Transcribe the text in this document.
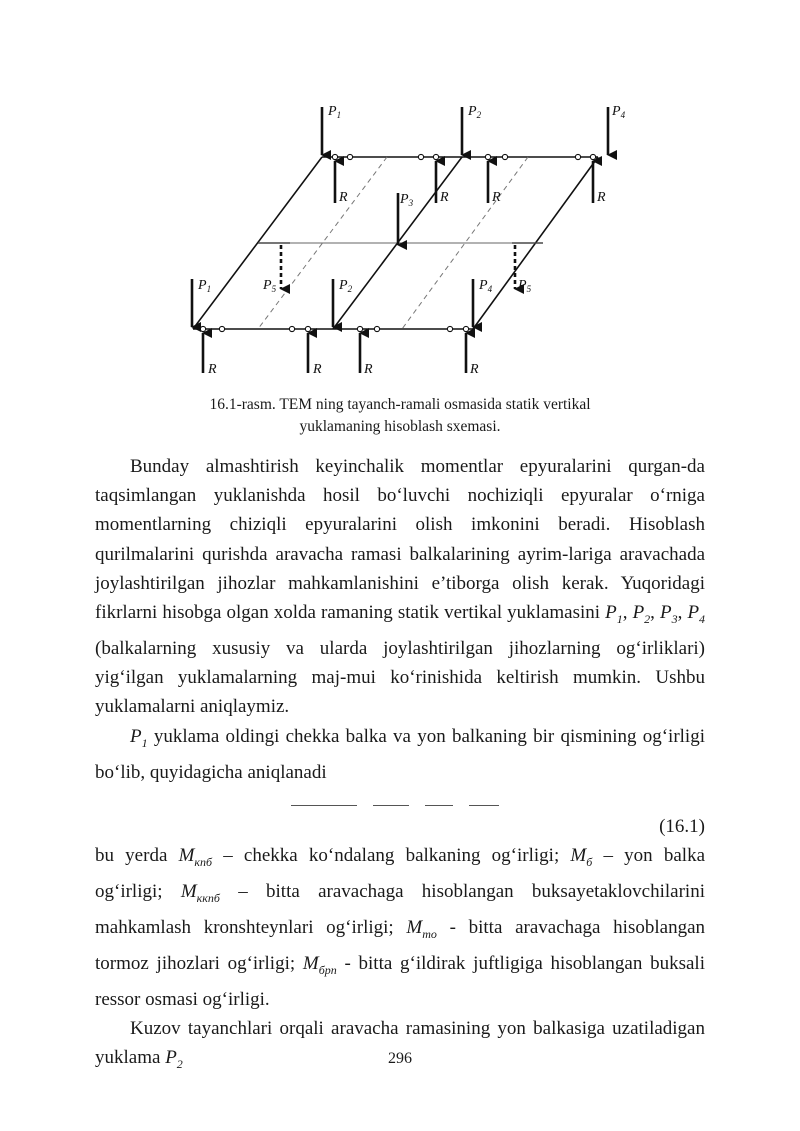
$P_1$	$P_2$	$P_4$
$P_3$
$P_1$	$P_5$	$P_2$	$P_4$ $P_5$
R	R	R	R
R	R	R	R
16.1-rasm. TEM ning tayanch-ramali osmasida statik vertikal
yuklamaning hisoblash sxemasi.

Bunday almashtirish keyinchalik momentlar epyuralarini qurgan-da taqsimlangan yuklanishda hosil bo‘luvchi nochiziqli epyuralar o‘rniga momentlarning chiziqli epyuralarini olish imkonini beradi. Hisoblash qurilmalarini qurishda aravacha ramasi balkalarining ayrim-lariga aravachada joylashtirilgan jihozlar mahkamlanishini e’tiborga olish kerak. Yuqoridagi fikrlarni hisobga olgan xolda ramaning statik vertikal yuklamasini $P_1$, $P_2$, $P_3$, $P_4$ (balkalarning xususiy va ularda joylashtirilgan jihozlarning og‘irliklari) yig‘ilgan yuklamalarning maj-mui ko‘rinishida keltirish mumkin. Ushbu yuklamalarni aniqlaymiz.

$P_1$ yuklama oldingi chekka balka va yon balkaning bir qismining og‘irligi bo‘lib, quyidagicha aniqlanadi

(16.1)

bu yerda $M_{кпб}$ – chekka ko‘ndalang balkaning og‘irligi; $M_б$ – yon balka og‘irligi; $M_{ккпб}$ – bitta aravachaga hisoblangan buksayetaklovchilarini mahkamlash kronshteynlari og‘irligi; $M_{то}$ - bitta aravachaga hisoblangan tormoz jihozlari og‘irligi; $M_{брп}$ - bitta g‘ildirak juftligiga hisoblangan buksali ressor osmasi og‘irligi.

Kuzov tayanchlari orqali aravacha ramasining yon balkasiga uzatiladigan yuklama $P_2$	296
